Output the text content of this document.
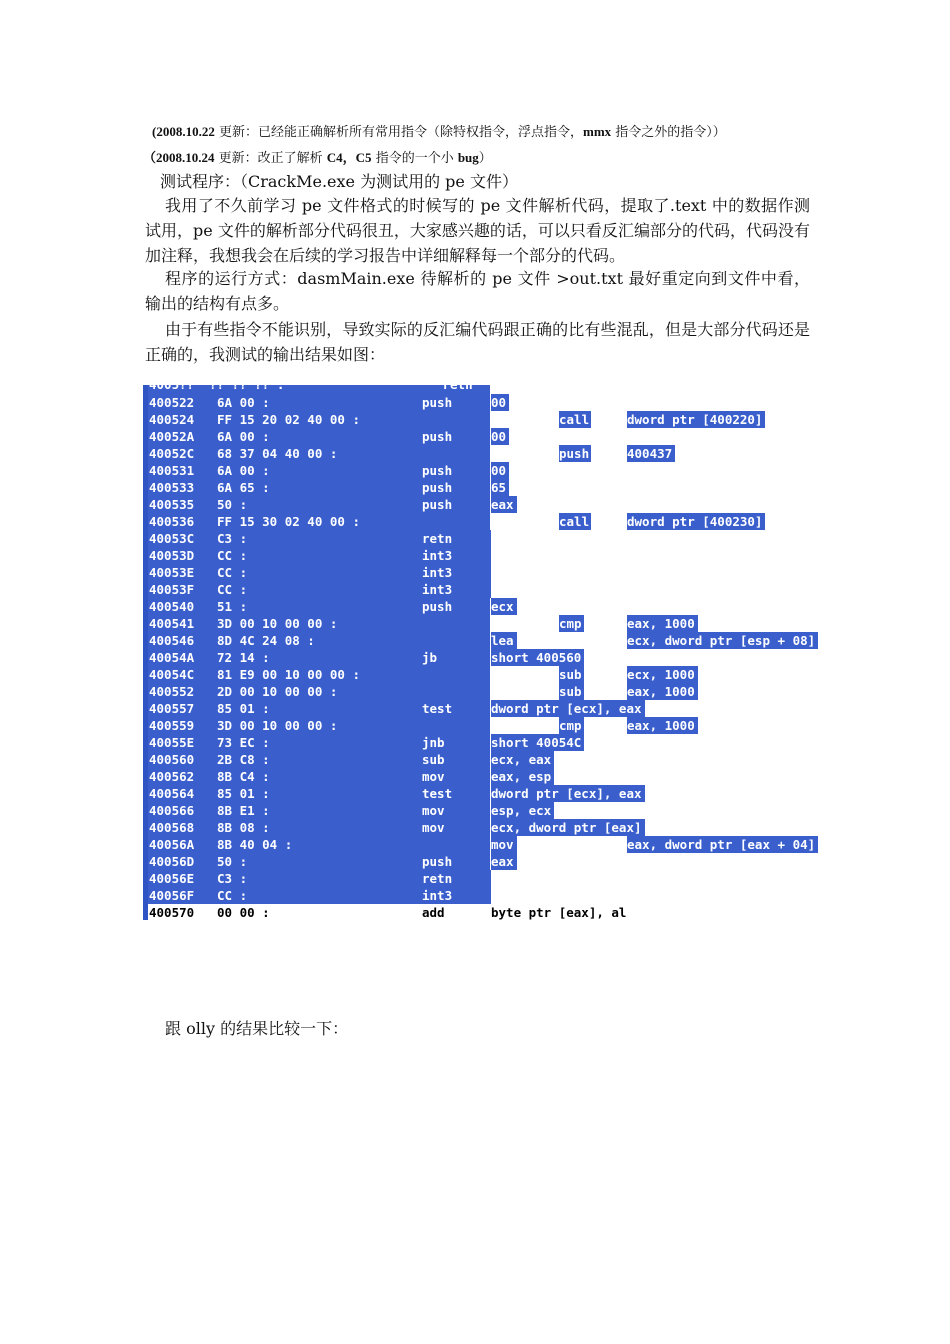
(2008.10.22 更新：已经能正确解析所有常用指令（除特权指令，浮点指令，mmx 指令之外的指令））
（2008.10.24 更新：改正了解析 C4，C5 指令的一个小 bug）
测试程序：（CrackMe.exe 为测试用的 pe 文件）
我用了不久前学习 pe 文件格式的时候写的 pe 文件解析代码，提取了.text 中的数据作测试用，pe 文件的解析部分代码很丑，大家感兴趣的话，可以只看反汇编部分的代码，代码没有加注释，我想我会在后续的学习报告中详细解释每一个部分的代码。
程序的运行方式：dasmMain.exe 待解析的 pe 文件 >out.txt 最好重定向到文件中看，输出的结构有点多。
由于有些指令不能识别，导致实际的反汇编代码跟正确的比有些混乱，但是大部分代码还是正确的，我测试的输出结果如图：
4005??  ?? ?? ?? :                     retn     ????
400522 6A 00 :	push	00
400524 FF 15 20 02 40 00 :	call	dword ptr [400220]
40052A 6A 00 :	push	00
40052C 68 37 04 40 00 :	push	400437
400531 6A 00 :	push	00
400533 6A 65 :	push	65
400535 50 :	push	eax
400536 FF 15 30 02 40 00 :	call	dword ptr [400230]
40053C C3 :	retn
40053D CC :	int3
40053E CC :	int3
40053F CC :	int3
400540 51 :	push	ecx
400541 3D 00 10 00 00 :	cmp	eax, 1000
400546 8D 4C 24 08 :	lea	ecx, dword ptr [esp + 08]
40054A 72 14 :	jb	short 400560
40054C 81 E9 00 10 00 00 :	sub	ecx, 1000
400552 2D 00 10 00 00 :	sub	eax, 1000
400557 85 01 :	test	dword ptr [ecx], eax
400559 3D 00 10 00 00 :	cmp	eax, 1000
40055E 73 EC :	jnb	short 40054C
400560 2B C8 :	sub	ecx, eax
400562 8B C4 :	mov	eax, esp
400564 85 01 :	test	dword ptr [ecx], eax
400566 8B E1 :	mov	esp, ecx
400568 8B 08 :	mov	ecx, dword ptr [eax]
40056A 8B 40 04 :	mov	eax, dword ptr [eax + 04]
40056D 50 :	push	eax
40056E C3 :	retn
40056F CC :	int3
400570 00 00 :	add	byte ptr [eax], al
跟 olly 的结果比较一下：
